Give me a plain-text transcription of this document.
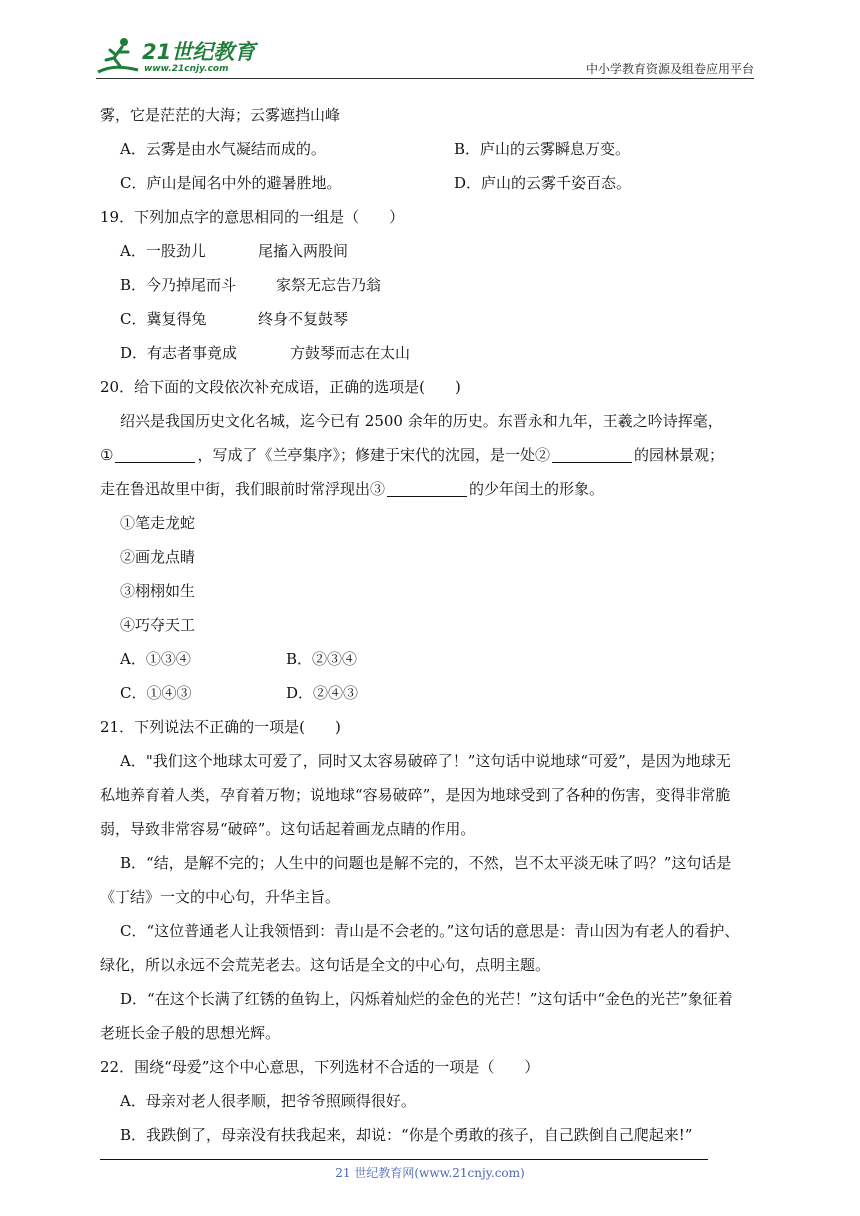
21世纪教育
www.21cnjy.com	中小学教育资源及组卷应用平台
雾，它是茫茫的大海；云雾遮挡山峰
A．云雾是由水气凝结而成的。	B．庐山的云雾瞬息万变。
C．庐山是闻名中外的避暑胜地。	D．庐山的云雾千姿百态。
19．下列加点字的意思相同的一组是（　　）
A．一股劲儿	尾搐入两股间
B．今乃掉尾而斗	家祭无忘告乃翁
C．冀复得兔	终身不复鼓琴
D．有志者事竟成	方鼓琴而志在太山
20．给下面的文段依次补充成语，正确的选项是(　　)
绍兴是我国历史文化名城，迄今已有 2500 余年的历史。东晋永和九年，王羲之吟诗挥毫，
①	，写成了《兰亭集序》；修建于宋代的沈园，是一处②	的园林景观；
走在鲁迅故里中街，我们眼前时常浮现出③	的少年闰土的形象。
①笔走龙蛇
②画龙点睛
③栩栩如生
④巧夺天工
A．①③④	B．②③④
C．①④③	D．②④③
21．下列说法不正确的一项是(　　)
A．"我们这个地球太可爱了，同时又太容易破碎了！”这句话中说地球“可爱”，是因为地球无
私地养育着人类，孕育着万物；说地球“容易破碎”，是因为地球受到了各种的伤害，变得非常脆
弱，导致非常容易“破碎”。这句话起着画龙点睛的作用。
B．“结，是解不完的；人生中的问题也是解不完的，不然，岂不太平淡无味了吗？”这句话是
《丁结》一文的中心句，升华主旨。
C．“这位普通老人让我领悟到：青山是不会老的。”这句话的意思是：青山因为有老人的看护、
绿化，所以永远不会荒芜老去。这句话是全文的中心句，点明主题。
D．“在这个长满了红锈的鱼钩上，闪烁着灿烂的金色的光芒！”这句话中“金色的光芒”象征着
老班长金子般的思想光辉。
22．围绕“母爱”这个中心意思，下列选材不合适的一项是（　　）
A．母亲对老人很孝顺，把爷爷照顾得很好。
B．我跌倒了，母亲没有扶我起来，却说：“你是个勇敢的孩子，自己跌倒自己爬起来!”
21 世纪教育网(www.21cnjy.com)
